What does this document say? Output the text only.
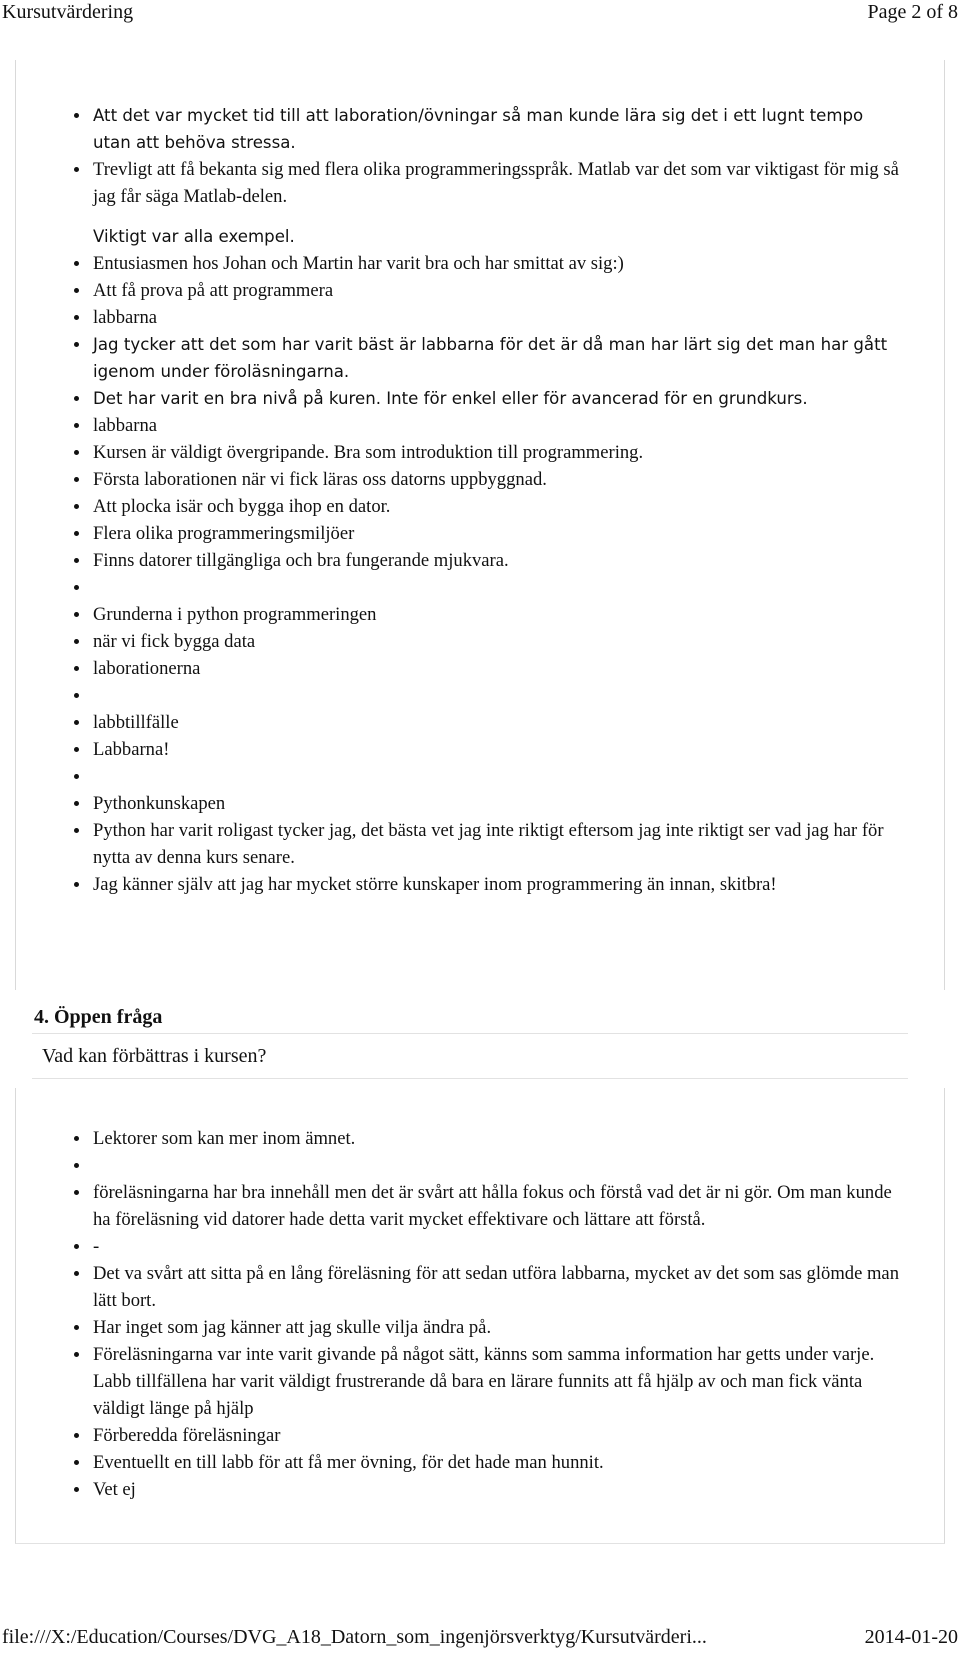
Kursutvärdering	Page 2 of 8
Att det var mycket tid till att laboration/övningar så man kunde lära sig det i ett lugnt tempo utan att behöva stressa.
Trevligt att få bekanta sig med flera olika programmeringsspråk. Matlab var det som var viktigast för mig så jag får säga Matlab-delen.
Viktigt var alla exempel.
Entusiasmen hos Johan och Martin har varit bra och har smittat av sig:)
Att få prova på att programmera
labbarna
Jag tycker att det som har varit bäst är labbarna för det är då man har lärt sig det man har gått igenom under föroläsningarna.
Det har varit en bra nivå på kuren. Inte för enkel eller för avancerad för en grundkurs.
labbarna
Kursen är väldigt övergripande. Bra som introduktion till programmering.
Första laborationen när vi fick läras oss datorns uppbyggnad.
Att plocka isär och bygga ihop en dator.
Flera olika programmeringsmiljöer
Finns datorer tillgängliga och bra fungerande mjukvara.
Grunderna i python programmeringen
när vi fick bygga data
laborationerna
labbtillfälle
Labbarna!
Pythonkunskapen
Python har varit roligast tycker jag, det bästa vet jag inte riktigt eftersom jag inte riktigt ser vad jag har för nytta av denna kurs senare.
Jag känner själv att jag har mycket större kunskaper inom programmering än innan, skitbra!
4. Öppen fråga
Vad kan förbättras i kursen?
Lektorer som kan mer inom ämnet.
föreläsningarna har bra innehåll men det är svårt att hålla fokus och förstå vad det är ni gör. Om man kunde ha föreläsning vid datorer hade detta varit mycket effektivare och lättare att förstå.
-
Det va svårt att sitta på en lång föreläsning för att sedan utföra labbarna, mycket av det som sas glömde man lätt bort.
Har inget som jag känner att jag skulle vilja ändra på.
Föreläsningarna var inte varit givande på något sätt, känns som samma information har getts under varje. Labb tillfällena har varit väldigt frustrerande då bara en lärare funnits att få hjälp av och man fick vänta väldigt länge på hjälp
Förberedda föreläsningar
Eventuellt en till labb för att få mer övning, för det hade man hunnit.
Vet ej
file:///X:/Education/Courses/DVG_A18_Datorn_som_ingenjörsverktyg/Kursutvärderi...	2014-01-20
